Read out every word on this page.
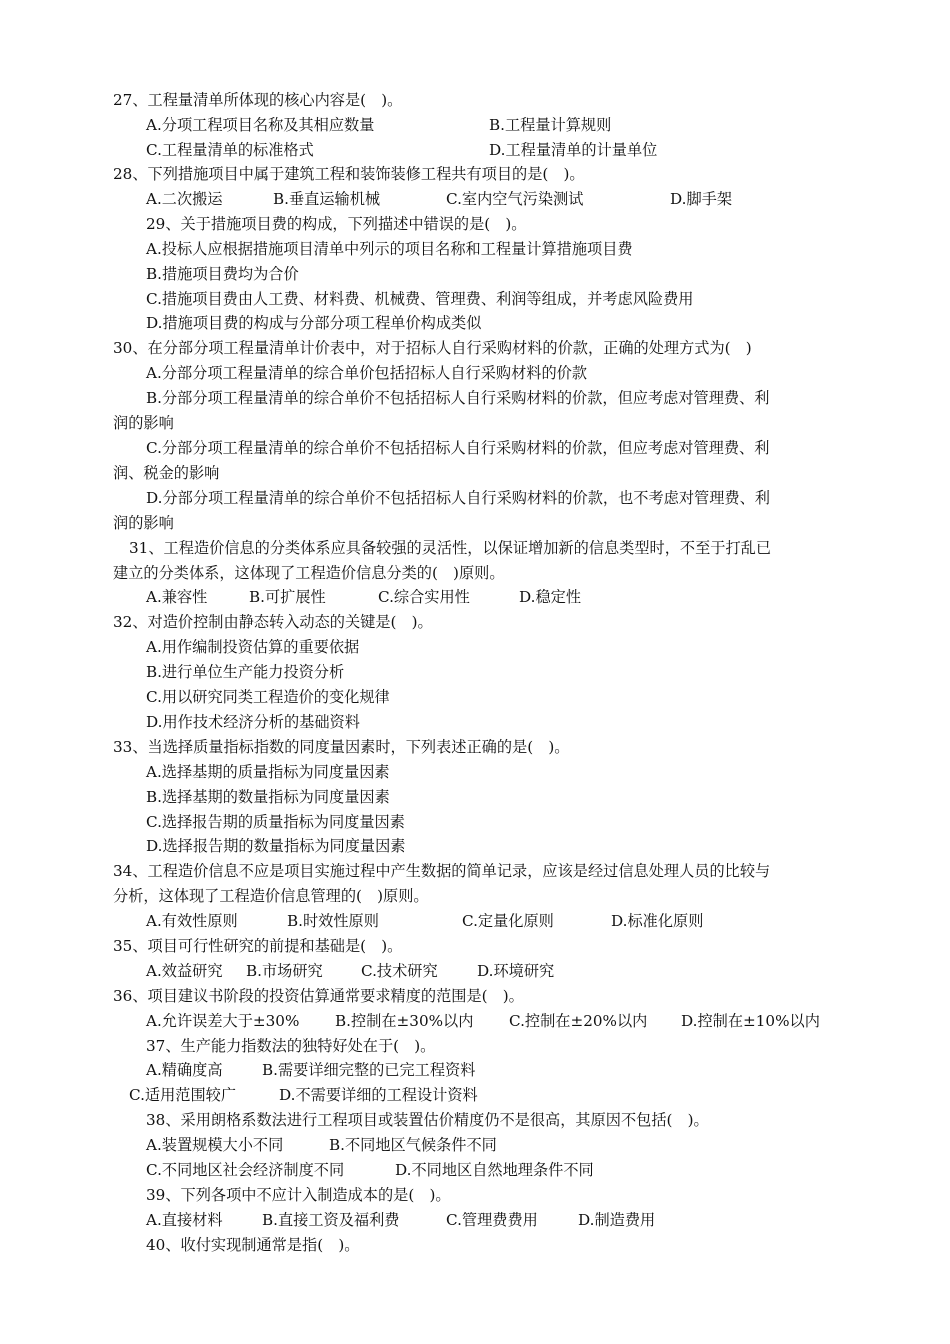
27、工程量清单所体现的核心内容是(　)。
A.分项工程项目名称及其相应数量	B.工程量计算规则
C.工程量清单的标准格式	D.工程量清单的计量单位
28、下列措施项目中属于建筑工程和装饰装修工程共有项目的是(　)。
A.二次搬运	B.垂直运输机械	C.室内空气污染测试	D.脚手架
29、关于措施项目费的构成，下列描述中错误的是(　)。
A.投标人应根据措施项目清单中列示的项目名称和工程量计算措施项目费
B.措施项目费均为合价
C.措施项目费由人工费、材料费、机械费、管理费、利润等组成，并考虑风险费用
D.措施项目费的构成与分部分项工程单价构成类似
30、在分部分项工程量清单计价表中，对于招标人自行采购材料的价款，正确的处理方式为(　)
A.分部分项工程量清单的综合单价包括招标人自行采购材料的价款
B.分部分项工程量清单的综合单价不包括招标人自行采购材料的价款，但应考虑对管理费、利
润的影响
C.分部分项工程量清单的综合单价不包括招标人自行采购材料的价款，但应考虑对管理费、利
润、税金的影响
D.分部分项工程量清单的综合单价不包括招标人自行采购材料的价款，也不考虑对管理费、利
润的影响
31、工程造价信息的分类体系应具备较强的灵活性，以保证增加新的信息类型时，不至于打乱已
建立的分类体系，这体现了工程造价信息分类的(　)原则。
A.兼容性	B.可扩展性	C.综合实用性	D.稳定性
32、对造价控制由静态转入动态的关键是(　)。
A.用作编制投资估算的重要依据
B.进行单位生产能力投资分析
C.用以研究同类工程造价的变化规律
D.用作技术经济分析的基础资料
33、当选择质量指标指数的同度量因素时，下列表述正确的是(　)。
A.选择基期的质量指标为同度量因素
B.选择基期的数量指标为同度量因素
C.选择报告期的质量指标为同度量因素
D.选择报告期的数量指标为同度量因素
34、工程造价信息不应是项目实施过程中产生数据的简单记录，应该是经过信息处理人员的比较与
分析，这体现了工程造价信息管理的(　)原则。
A.有效性原则	B.时效性原则	C.定量化原则	D.标准化原则
35、项目可行性研究的前提和基础是(　)。
A.效益研究 B.市场研究	C.技术研究	D.环境研究
36、项目建议书阶段的投资估算通常要求精度的范围是(　)。
A.允许误差大于±30% B.控制在±30%以内 C.控制在±20%以内 D.控制在±10%以内
37、生产能力指数法的独特好处在于(　)。
A.精确度高	B.需要详细完整的已完工程资料
C.适用范围较广	D.不需要详细的工程设计资料
38、采用朗格系数法进行工程项目或装置估价精度仍不是很高，其原因不包括(　)。
A.装置规模大小不同	B.不同地区气候条件不同
C.不同地区社会经济制度不同	D.不同地区自然地理条件不同
39、下列各项中不应计入制造成本的是(　)。
A.直接材料	B.直接工资及福利费	C.管理费费用	D.制造费用
40、收付实现制通常是指(　)。
